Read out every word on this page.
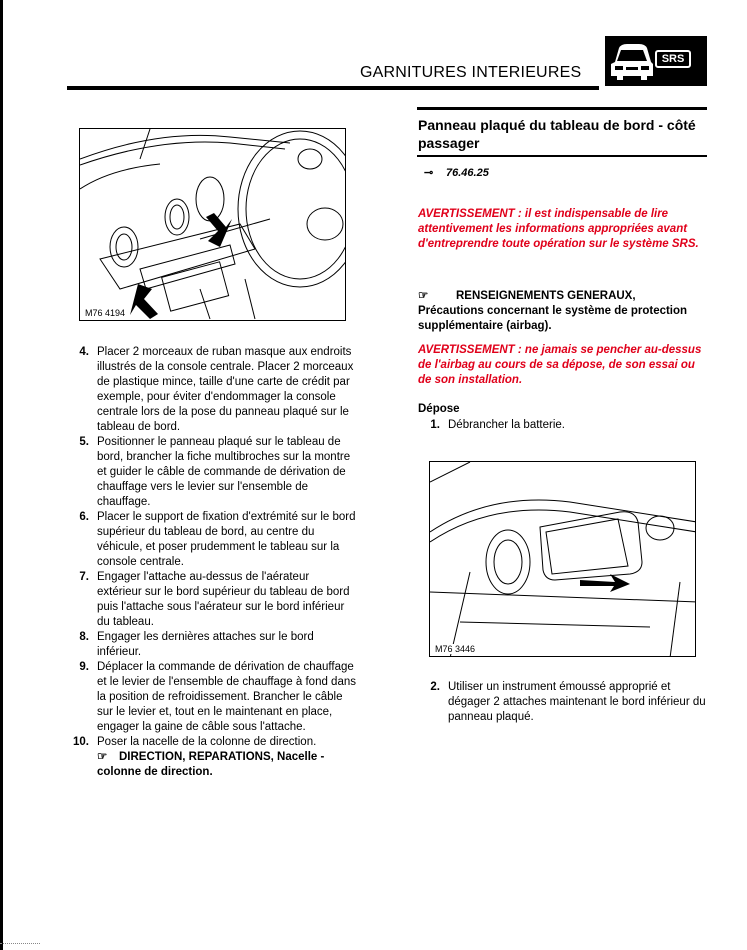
GARNITURES INTERIEURES
SRS
M76 4194
4. Placer 2 morceaux de ruban masque aux endroits illustrés de la console centrale. Placer 2 morceaux de plastique mince, taille d'une carte de crédit par exemple, pour éviter d'endommager la console centrale lors de la pose du panneau plaqué sur le tableau de bord.
5. Positionner le panneau plaqué sur le tableau de bord, brancher la fiche multibroches sur la montre et guider le câble de commande de dérivation de chauffage vers le levier sur l'ensemble de chauffage.
6. Placer le support de fixation d'extrémité sur le bord supérieur du tableau de bord, au centre du véhicule, et poser prudemment le tableau sur la console centrale.
7. Engager l'attache au-dessus de l'aérateur extérieur sur le bord supérieur du tableau de bord puis l'attache sous l'aérateur sur le bord inférieur du tableau.
8. Engager les dernières attaches sur le bord inférieur.
9. Déplacer la commande de dérivation de chauffage et le levier de l'ensemble de chauffage à fond dans la position de refroidissement. Brancher le câble sur le levier et, tout en le maintenant en place, engager la gaine de câble sous l'attache.
10. Poser la nacelle de la colonne de direction.
☞ DIRECTION, REPARATIONS, Nacelle - colonne de direction.
Panneau plaqué du tableau de bord - côté passager
⊸ 76.46.25
AVERTISSEMENT : il est indispensable de lire attentivement les informations appropriées avant d'entreprendre toute opération sur le système SRS.
☞ RENSEIGNEMENTS GENERAUX,
Précautions concernant le système de protection supplémentaire (airbag).
AVERTISSEMENT : ne jamais se pencher au-dessus de l'airbag au cours de sa dépose, de son essai ou de son installation.
Dépose
1. Débrancher la batterie.
M76 3446
2. Utiliser un instrument émoussé approprié et dégager 2 attaches maintenant le bord inférieur du panneau plaqué.
